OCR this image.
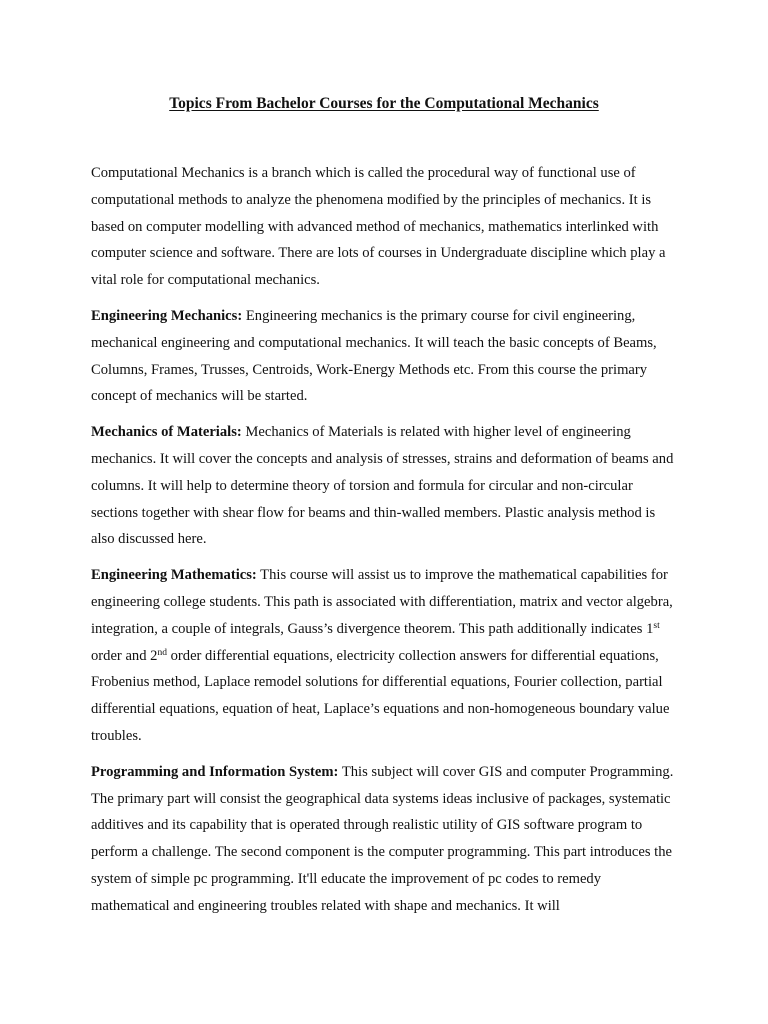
Topics From Bachelor Courses for the Computational Mechanics

Computational Mechanics is a branch which is called the procedural way of functional use of computational methods to analyze the phenomena modified by the principles of mechanics. It is based on computer modelling with advanced method of mechanics, mathematics interlinked with computer science and software. There are lots of courses in Undergraduate discipline which play a vital role for computational mechanics.

Engineering Mechanics: Engineering mechanics is the primary course for civil engineering, mechanical engineering and computational mechanics. It will teach the basic concepts of Beams, Columns, Frames, Trusses, Centroids, Work-Energy Methods etc. From this course the primary concept of mechanics will be started.

Mechanics of Materials: Mechanics of Materials is related with higher level of engineering mechanics. It will cover the concepts and analysis of stresses, strains and deformation of beams and columns. It will help to determine theory of torsion and formula for circular and non-circular sections together with shear flow for beams and thin-walled members. Plastic analysis method is also discussed here.

Engineering Mathematics: This course will assist us to improve the mathematical capabilities for engineering college students. This path is associated with differentiation, matrix and vector algebra, integration, a couple of integrals, Gauss’s divergence theorem. This path additionally indicates 1st order and 2nd order differential equations, electricity collection answers for differential equations, Frobenius method, Laplace remodel solutions for differential equations, Fourier collection, partial differential equations, equation of heat, Laplace’s equations and non-homogeneous boundary value troubles.

Programming and Information System: This subject will cover GIS and computer Programming. The primary part will consist the geographical data systems ideas inclusive of packages, systematic additives and its capability that is operated through realistic utility of GIS software program to perform a challenge. The second component is the computer programming. This part introduces the system of simple pc programming. It'll educate the improvement of pc codes to remedy mathematical and engineering troubles related with shape and mechanics. It will
